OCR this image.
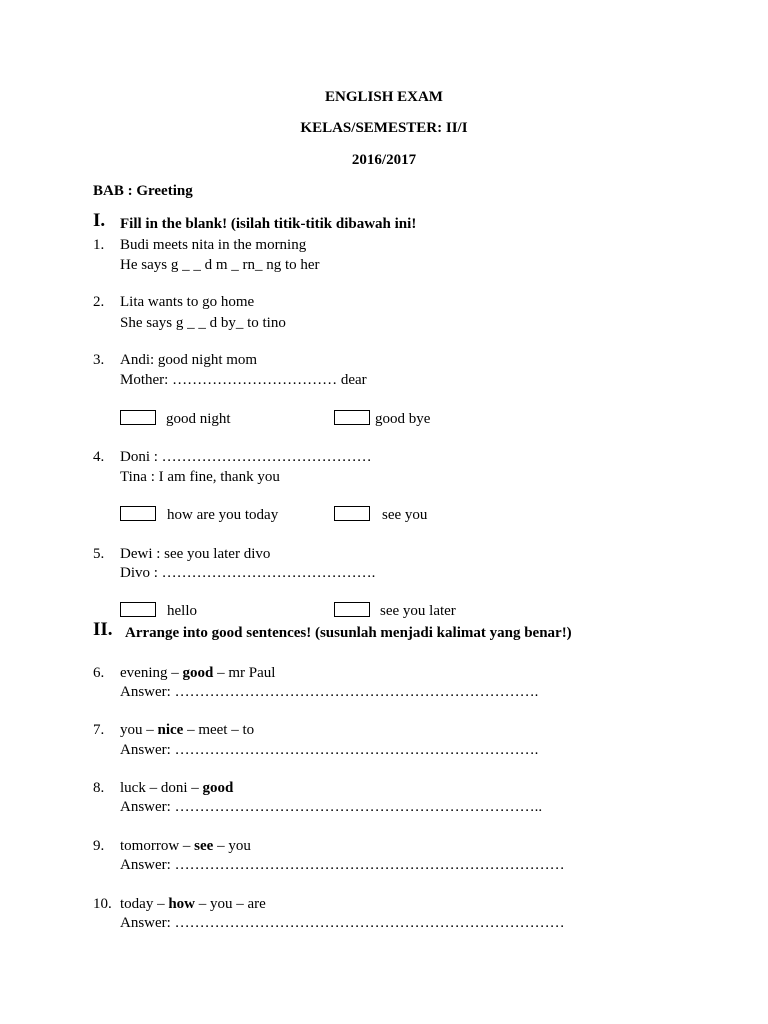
ENGLISH EXAM
KELAS/SEMESTER: II/I
2016/2017
BAB : Greeting
I. Fill in the blank! (isilah titik-titik dibawah ini!
1. Budi meets nita in the morning
He says g _ _ d m _ rn_ ng to her
2. Lita wants to go home
She says g _ _ d by_ to tino
3. Andi: good night mom
Mother: …………………………… dear
good night	good bye
4. Doni : ……………………………………
Tina : I am fine, thank you
how are you today	see you
5. Dewi : see you later divo
Divo : …………………………………….
hello	see you later
II. Arrange into good sentences! (susunlah menjadi kalimat yang benar!)
6. evening – good – mr Paul
Answer: ……………………………………………………………….
7. you – nice – meet – to
Answer: ……………………………………………………………….
8. luck – doni – good
Answer: ………………………………………………………………..
9. tomorrow – see – you
Answer: ……………………………………………………………………
10. today – how – you – are
Answer: ……………………………………………………………………
